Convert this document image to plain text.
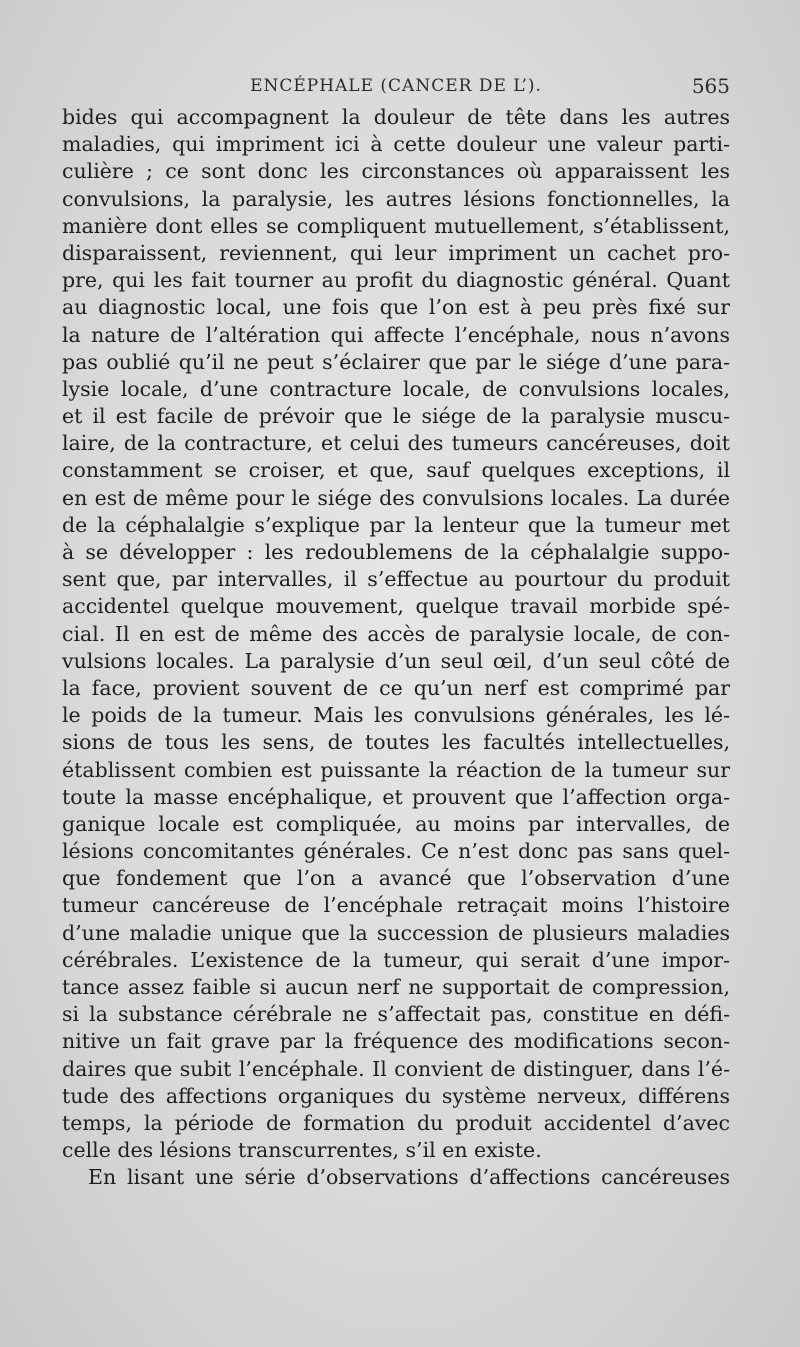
ENCÉPHALE (CANCER DE L’).	565
bides qui accompagnent la douleur de tête dans les autres
maladies, qui impriment ici à cette douleur une valeur parti-
culière ; ce sont donc les circonstances où apparaissent les
convulsions, la paralysie, les autres lésions fonctionnelles, la
manière dont elles se compliquent mutuellement, s’établissent,
disparaissent, reviennent, qui leur impriment un cachet pro-
pre, qui les fait tourner au profit du diagnostic général. Quant
au diagnostic local, une fois que l’on est à peu près fixé sur
la nature de l’altération qui affecte l’encéphale, nous n’avons
pas oublié qu’il ne peut s’éclairer que par le siége d’une para-
lysie locale, d’une contracture locale, de convulsions locales,
et il est facile de prévoir que le siége de la paralysie muscu-
laire, de la contracture, et celui des tumeurs cancéreuses, doit
constamment se croiser, et que, sauf quelques exceptions, il
en est de même pour le siége des convulsions locales. La durée
de la céphalalgie s’explique par la lenteur que la tumeur met
à se développer : les redoublemens de la céphalalgie suppo-
sent que, par intervalles, il s’effectue au pourtour du produit
accidentel quelque mouvement, quelque travail morbide spé-
cial. Il en est de même des accès de paralysie locale, de con-
vulsions locales. La paralysie d’un seul œil, d’un seul côté de
la face, provient souvent de ce qu’un nerf est comprimé par
le poids de la tumeur. Mais les convulsions générales, les lé-
sions de tous les sens, de toutes les facultés intellectuelles,
établissent combien est puissante la réaction de la tumeur sur
toute la masse encéphalique, et prouvent que l’affection orga-
ganique locale est compliquée, au moins par intervalles, de
lésions concomitantes générales. Ce n’est donc pas sans quel-
que fondement que l’on a avancé que l’observation d’une
tumeur cancéreuse de l’encéphale retraçait moins l’histoire
d’une maladie unique que la succession de plusieurs maladies
cérébrales. L’existence de la tumeur, qui serait d’une impor-
tance assez faible si aucun nerf ne supportait de compression,
si la substance cérébrale ne s’affectait pas, constitue en défi-
nitive un fait grave par la fréquence des modifications secon-
daires que subit l’encéphale. Il convient de distinguer, dans l’é-
tude des affections organiques du système nerveux, différens
temps, la période de formation du produit accidentel d’avec
celle des lésions transcurrentes, s’il en existe.
En lisant une série d’observations d’affections cancéreuses
